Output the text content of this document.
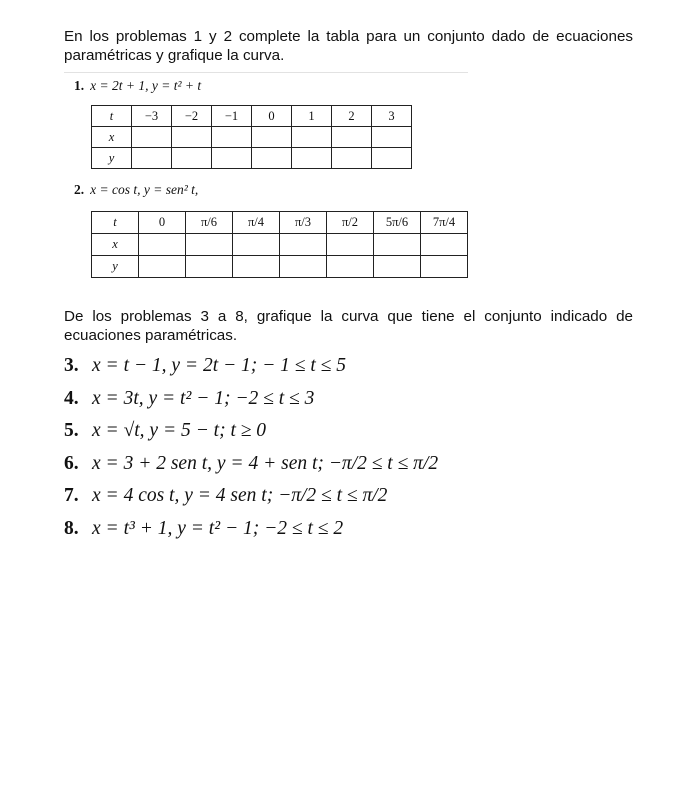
En los problemas 1 y 2 complete la tabla para un conjunto dado de ecuaciones paramétricas y grafique la curva.
1. x = 2t + 1, y = t² + t
t	−3	−2	−1	0	1	2	3
x							
y							
2. x = cos t, y = sen² t,
t	0	π/6	π/4	π/3	π/2	5π/6	7π/4
x							
y							
De los problemas 3 a 8, grafique la curva que tiene el conjunto indicado de ecuaciones paramétricas.
3. x = t − 1, y = 2t − 1; − 1 ≤ t ≤ 5
4. x = 3t, y = t² − 1; −2 ≤ t ≤ 3
5. x = √t, y = 5 − t; t ≥ 0
6. x = 3 + 2 sen t, y = 4 + sen t; −π/2 ≤ t ≤ π/2
7. x = 4 cos t, y = 4 sen t; −π/2 ≤ t ≤ π/2
8. x = t³ + 1, y = t² − 1; −2 ≤ t ≤ 2
